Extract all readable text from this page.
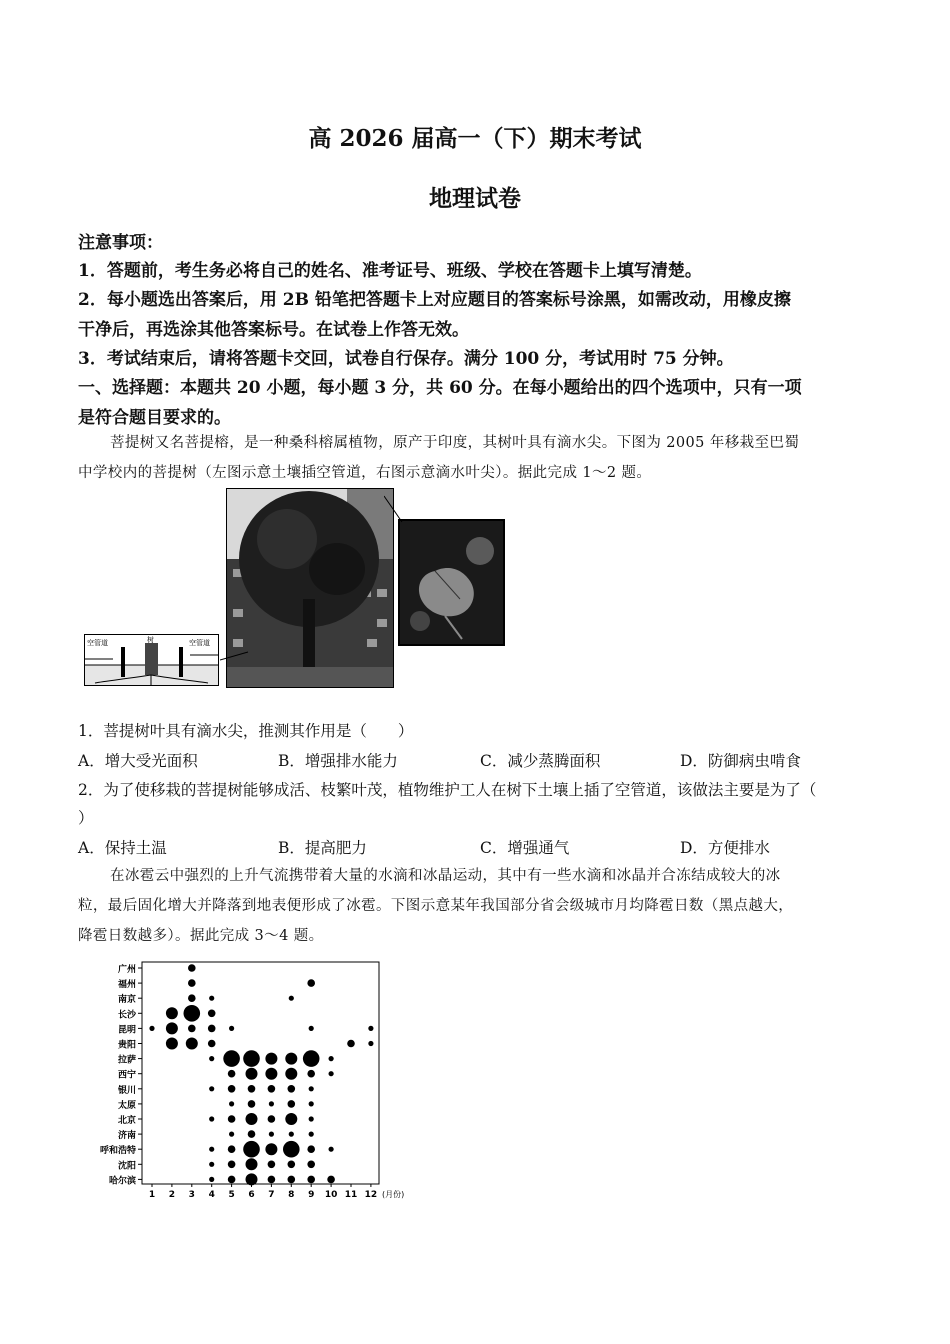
高 2026 届高一（下）期末考试
地理试卷
注意事项：
1．答题前，考生务必将自己的姓名、准考证号、班级、学校在答题卡上填写清楚。
2．每小题选出答案后，用 2B 铅笔把答题卡上对应题目的答案标号涂黑，如需改动，用橡皮擦
干净后，再选涂其他答案标号。在试卷上作答无效。
3．考试结束后，请将答题卡交回，试卷自行保存。满分 100 分，考试用时 75 分钟。
一、选择题：本题共 20 小题，每小题 3 分，共 60 分。在每小题给出的四个选项中，只有一项
是符合题目要求的。
菩提树又名菩提榕，是一种桑科榕属植物，原产于印度，其树叶具有滴水尖。下图为 2005 年移栽至巴蜀
中学校内的菩提树（左图示意土壤插空管道，右图示意滴水叶尖）。据此完成 1～2 题。
空管道	树	空管道
1．菩提树叶具有滴水尖，推测其作用是（　　）
A．增大受光面积	B．增强排水能力	C．减少蒸腾面积	D．防御病虫啃食
2．为了使移栽的菩提树能够成活、枝繁叶茂，植物维护工人在树下土壤上插了空管道，该做法主要是为了（
）
A．保持土温	B．提高肥力	C．增强通气	D．方便排水
在冰雹云中强烈的上升气流携带着大量的水滴和冰晶运动，其中有一些水滴和冰晶并合冻结成较大的冰
粒，最后固化增大并降落到地表便形成了冰雹。下图示意某年我国部分省会级城市月均降雹日数（黑点越大，
降雹日数越多）。据此完成 3～4 题。
广州
福州
南京
长沙
昆明
贵阳
拉萨
西宁
银川
太原
北京
济南
呼和浩特
沈阳
哈尔滨
1 2 3 4 5 6 7 8 9 10 11 12 (月份)
